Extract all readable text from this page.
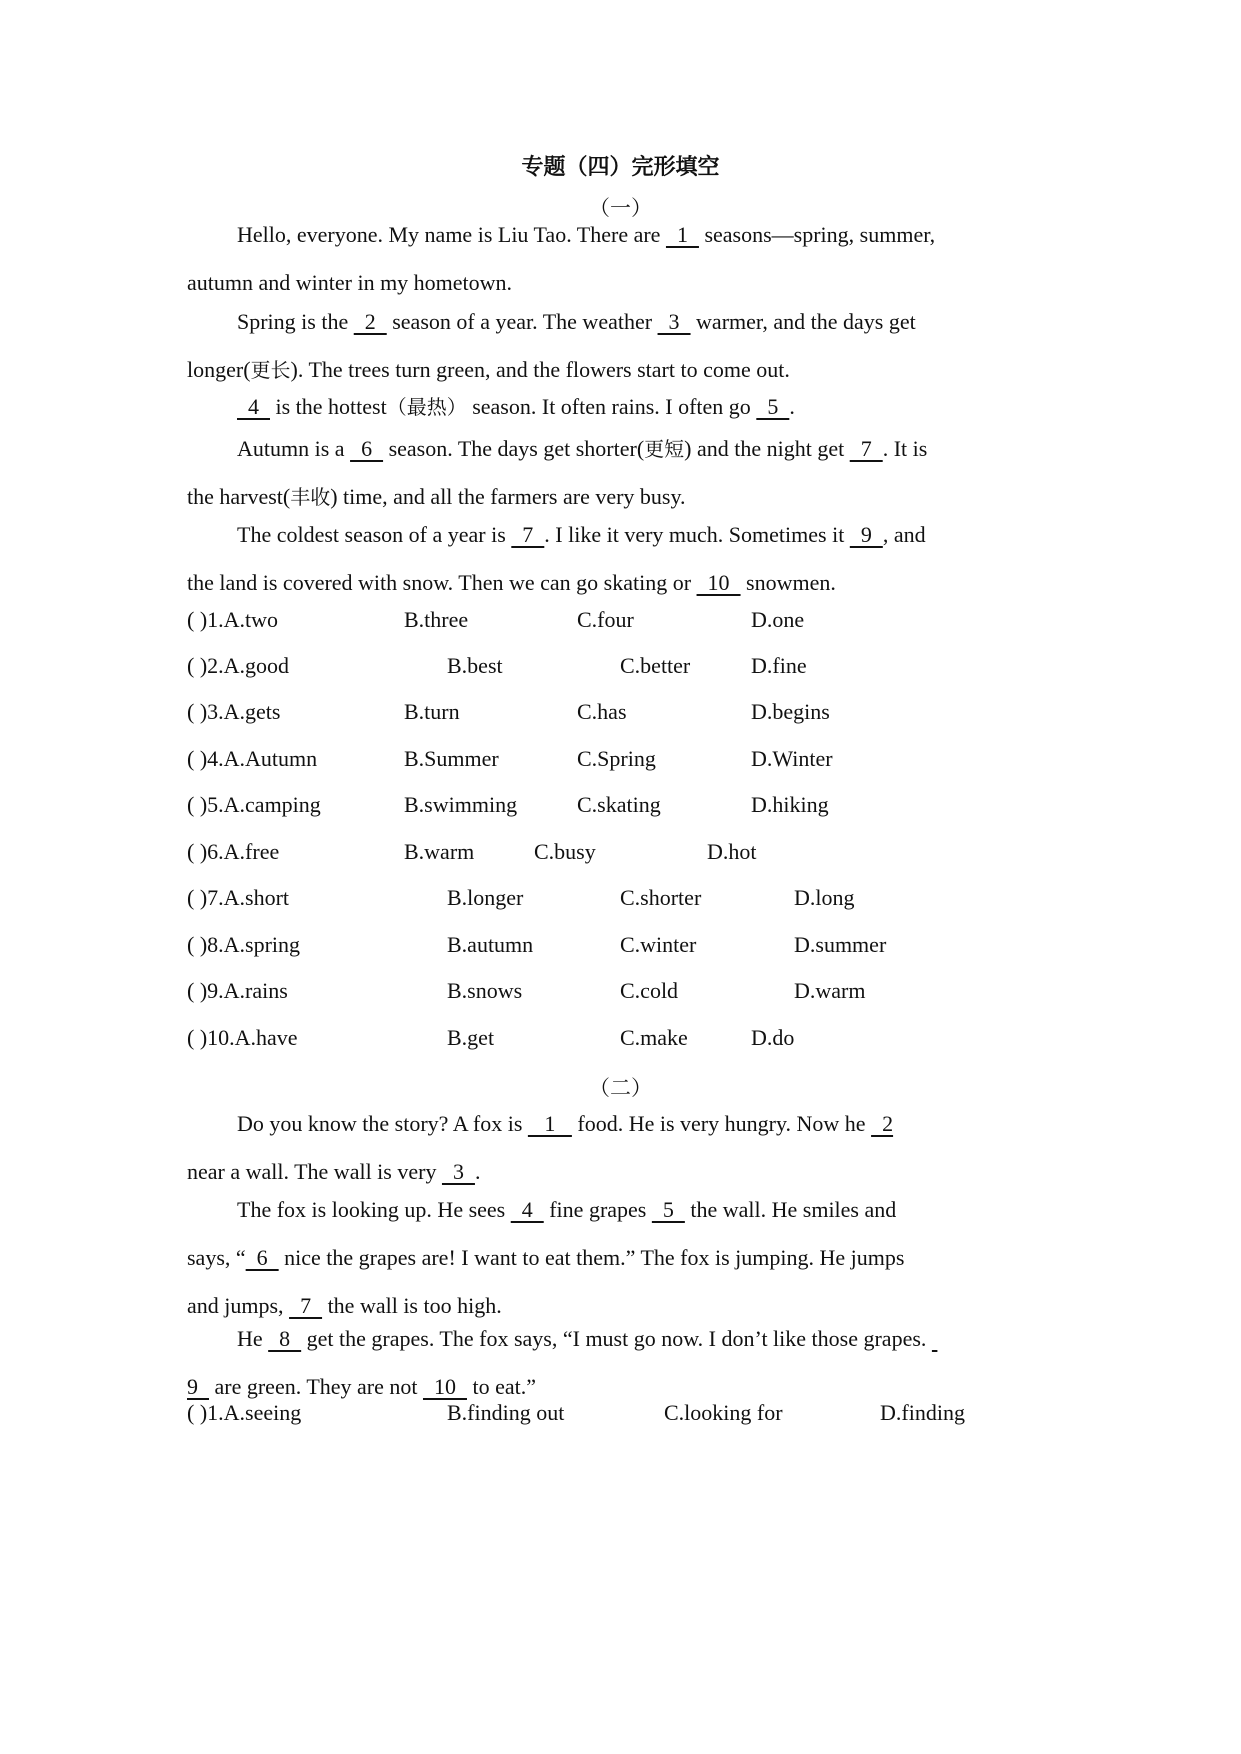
专题（四）完形填空
（一）
Hello, everyone. My name is Liu Tao. There are   1   seasons—spring, summer,
autumn and winter in my hometown.
Spring is the   2   season of a year. The weather   3   warmer, and the days get
longer(更长). The trees turn green, and the flowers start to come out.
4   is the hottest（最热） season. It often rains. I often go   5  .
Autumn is a   6   season. The days get shorter(更短) and the night get   7  . It is
the harvest(丰收) time, and all the farmers are very busy.
The coldest season of a year is   7  . I like it very much. Sometimes it   9  , and
the land is covered with snow. Then we can go skating or   10   snowmen.
( )1.A.two	B.three	C.four	D.one
( )2.A.good	B.best	C.better	D.fine
( )3.A.gets	B.turn	C.has	D.begins
( )4.A.Autumn	B.Summer	C.Spring	D.Winter
( )5.A.camping	B.swimming	C.skating	D.hiking
( )6.A.free	B.warm	C.busy	D.hot
( )7.A.short	B.longer	C.shorter	D.long
( )8.A.spring	B.autumn	C.winter	D.summer
( )9.A.rains	B.snows	C.cold	D.warm
( )10.A.have	B.get	C.make	D.do
（二）
Do you know the story? A fox is    1    food. He is very hungry. Now he   2
near a wall. The wall is very   3  .
The fox is looking up. He sees   4   fine grapes   5   the wall. He smiles and
says, “  6   nice the grapes are! I want to eat them.” The fox is jumping. He jumps
and jumps,   7   the wall is too high.
He   8   get the grapes. The fox says, “I must go now. I don’t like those grapes.
9   are green. They are not   10   to eat.”
( )1.A.seeing	B.finding out	C.looking for	D.finding
